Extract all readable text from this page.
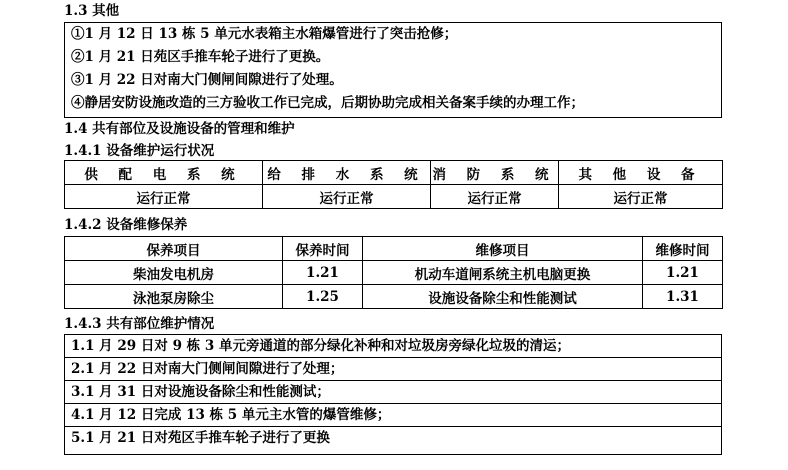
1.3 其他
①1 月 12 日 13 栋 5 单元水表箱主水箱爆管进行了突击抢修；
②1 月 21 日苑区手推车轮子进行了更换。
③1 月 22 日对南大门侧闸间隙进行了处理。
④静居安防设施改造的三方验收工作已完成，后期协助完成相关备案手续的办理工作；
1.4 共有部位及设施设备的管理和维护
1.4.1 设备维护运行状况
供 配 电 系 统	给 排 水 系 统	消 防 系 统	其 他 设 备
运行正常	运行正常	运行正常	运行正常
1.4.2 设备维修保养
保养项目	保养时间	维修项目	维修时间
柴油发电机房	1.21	机动车道闸系统主机电脑更换	1.21
泳池泵房除尘	1.25	设施设备除尘和性能测试	1.31
1.4.3 共有部位维护情况
1.1 月 29 日对 9 栋 3 单元旁通道的部分绿化补种和对垃圾房旁绿化垃圾的清运；
2.1 月 22 日对南大门侧闸间隙进行了处理；
3.1 月 31 日对设施设备除尘和性能测试；
4.1 月 12 日完成 13 栋 5 单元主水管的爆管维修；
5.1 月 21 日对苑区手推车轮子进行了更换
